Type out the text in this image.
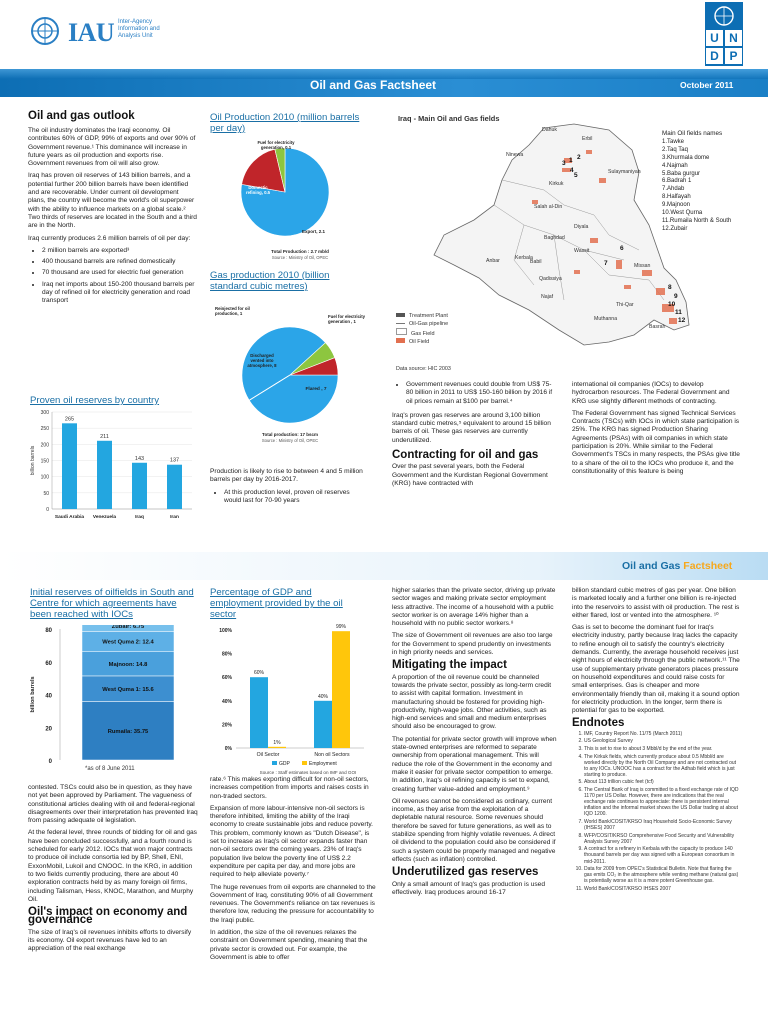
IAU Inter-Agency
Information and
Analysis Unit	U N
D P
Oil and Gas Factsheet	October 2011
Oil and gas outlook

The oil industry dominates the Iraqi economy. Oil contributes 60% of GDP, 99% of exports and over 90% of Government revenue.¹ This dominance will increase in future years as oil production and exports rise. Government revenues from oil will also grow.

Iraq has proven oil reserves of 143 billion barrels, and a potential further 200 billion barrels have been identified and are recoverable. Under current oil development plans, the country will become the world's oil superpower with the ability to influence markets on a global scale.² Two thirds of reserves are located in the South and a third are in the North.

Iraq currently produces 2.6 million barrels of oil per day:

• 2 million barrels are exported³
• 400 thousand barrels are refined domestically
• 70 thousand are used for electric fuel generation
• Iraq net imports about 150-200 thousand barrels per day of refined oil for electricity generation and road transport
Proven oil reserves by country
300
250
200
150
100
50
0
billion barrels
265
Saudi Arabia
211
Venezuela
143
Iraq
137
Iran
Oil Production 2010 (million barrels per day)
Export, 2.1
Domestic refining, 0.5
Fuel for electricity generation, 0.1
Total Production : 2.7 mb/d
Source : Ministry of Oil, OPEC
Gas production 2010 (billion standard cubic metres)
Reinjected for oil production, 1
Fuel for electricity generation , 1
Discharged vented into atmosphere, 8
Flared , 7
Total production: 17 bscm
Source : Ministry of Oil, OPEC

Production is likely to rise to between 4 and 5 million barrels per day by 2016-2017.

• At this production level, proven oil reserves would last for 70-90 years
Iraq - Main Oil and Gas fields
Dahuk
Erbil
Ninewa
Sulaymaniyah
Kirkuk
Salah al-Din
Diyala
Baghdad
Anbar	Kerbala
Babil
Wassit
Missan
Qadissiya
Najaf
Thi-Qar
Basrah
Muthanna
1 2
3
4
5
6
7
8
9
10
11
12
Main Oil fields names
1.Tawke
2.Taq Taq
3.Khurmala dome
4.Najmah
5.Baba gurgur
6.Badrah 1
7.Ahdab
8.Halfayah
9.Majnoon
10.West Qurna
11.Rumaila North & South
12.Zubair
Treatment Plant
Oil-Gas pipeline
Gas Field
Oil Field
Data source: HIC 2003
• Government revenues could double from US$ 75-80 billion in 2011 to US$ 150-160 billion by 2016 if oil prices remain at $100 per barrel.⁴

Iraq's proven gas reserves are around 3,100 billion standard cubic metres,⁵ equivalent to around 15 billion barrels of oil. These gas reserves are currently underutilized.

Contracting for oil and gas

Over the past several years, both the Federal Government and the Kurdistan Regional Government (KRG) have contracted with

international oil companies (IOCs) to develop hydrocarbon resources. The Federal Government and KRG use slightly different methods of contracting.

The Federal Government has signed Technical Services Contracts (TSCs) with IOCs in which state participation is 25%. The KRG has signed Production Sharing Agreements (PSAs) with oil companies in which state participation is 20%. While similar to the Federal Government's TSCs in many respects, the PSAs give title to a share of the oil to the IOCs who produce it, and the constitutionality of this feature is being

Oil and Gas Factsheet
Initial reserves of oilfields in South and Centre for which agreements have been reached with IOCs
80
60
40
20
0
billion barrels
Rumaila: 35.75
West Quma 1: 15.6
Majnoon: 14.8
West Quma 2: 12.4
Zubair: 6.75
*as of 8 June 2011
Percentage of GDP and employment provided by the oil sector
100%
80%
60%
40%
20%
0%
60%
1%
Oil Sector
40%
99%
Non oil Sectors
GDP	Employment
Source : Staff estimates based on IMF and GOI

contested. TSCs could also be in question, as they have not yet been approved by Parliament. The vagueness of constitutional articles dealing with oil and federal-regional disagreements over their interpretation has prevented Iraq from passing adequate oil legislation.

At the federal level, three rounds of bidding for oil and gas have been concluded successfully, and a fourth round is scheduled for early 2012. IOCs that won major contracts to produce oil include consortia led by BP, Shell, ENI, ExxonMobil, Lukoil and CNOOC. In the KRG, in addition to two fields currently producing, there are about 40 exploration contracts held by as many foreign oil firms, including Talisman, Hess, KNOC, Marathon, and Murphy Oil.

Oil's impact on economy and governance

The size of Iraq's oil revenues inhibits efforts to diversify its economy. Oil export revenues have led to an appreciation of the real exchange

rate.⁶ This makes exporting difficult for non-oil sectors, increases competition from imports and raises costs in non-traded sectors.

Expansion of more labour-intensive non-oil sectors is therefore inhibited, limiting the ability of the Iraqi economy to create sustainable jobs and reduce poverty. This problem, commonly known as "Dutch Disease", is set to increase as Iraq's oil sector expands faster than non-oil sectors over the coming years. 23% of Iraq's population live below the poverty line of US$ 2.2 expenditure per capita per day, and more jobs are required to help alleviate poverty.⁷

The huge revenues from oil exports are channeled to the Government of Iraq, constituting 90% of all Government revenues. The Government's reliance on tax revenues is therefore low, reducing the pressure for accountability to the Iraqi public.

In addition, the size of the oil revenues relaxes the constraint on Government spending, meaning that the private sector is crowded out. For example, the Government is able to offer

higher salaries than the private sector, driving up private sector wages and making private sector employment less attractive. The income of a household with a public sector worker is on average 14% higher than a household with no public sector workers.⁸

The size of Government oil revenues are also too large for the Government to spend prudently on investments in high priority needs and services.

Mitigating the impact

A proportion of the oil revenue could be channeled towards the private sector, possibly as long-term credit to assist with capital formation. Investment in manufacturing should be fostered for providing high-productivity, high-wage jobs. Other activities, such as high-end services and small and medium enterprises should also be encouraged to grow.

The potential for private sector growth will improve when state-owned enterprises are reformed to separate ownership from operational management. This will reduce the role of the Government in the economy and make it easier for private sector competition to emerge. In addition, Iraq's oil refining capacity is set to expand, creating further value-added and employment.⁹

Oil revenues cannot be considered as ordinary, current income, as they arise from the exploitation of a depletable natural resource. Some revenues should therefore be saved for future generations, as well as to stabilize spending from highly volatile revenues. A direct oil dividend to the population could also be considered if such a system could be properly managed and negative effects (such as inflation) controlled.

Underutilized gas reserves

Only a small amount of Iraq's gas production is used effectively. Iraq produces around 16-17

billion standard cubic metres of gas per year. One billion is marketed locally and a further one billion is re-injected into the reservoirs to assist with oil production. The rest is either flared, lost or vented into the atmosphere. ¹⁰

Gas is set to become the dominant fuel for Iraq's electricity industry, partly because Iraq lacks the capacity to refine enough oil to satisfy the country's electricity demands. Currently, the average household receives just eight hours of electricity through the public network.¹¹ The use of supplementary private generators places pressure on household expenditures and could raise costs for small enterprises. Gas is cheaper and more environmentally friendly than oil, making it a sound option for electricity production. In the longer, term there is potential for gas to be exported.

Endnotes
1. IMF, Country Report No. 11/75 (March 2011)
2. US Geological Survey
3. This is set to rise to about 3 Mbbl/d by the end of the year.
4. The Kirkuk fields, which currently produce about 0.5 Mbbl/d are worked directly by the North Oil Company and are not contracted out to any IOCs. UNOOC has a contract for the Adhab field which is just starting to produce.
5. About 113 trillion cubic feet (tcf)
6. The Central Bank of Iraq is committed to a fixed exchange rate of IQD 1170 per US Dollar. However, there are indications that the real exchange rate continues to appreciate: there is persistent internal inflation and the informal market shows the US Dollar trading at about IQD 1200.
7. World Bank/COSIT/KRSO Iraq Household Socio-Economic Survey (IHSES) 2007
8. WFP/COSIT/KRSO Comprehensive Food Security and Vulnerability Analysis Survey 2007
9. A contract for a refinery in Kerbala with the capacity to produce 140 thousand barrels per day was signed with a European consortium in mid-2011.
10. Data for 2009 from OPEC's Statistical Bulletin. Note that flaring the gas emits CO₂ in the atmosphere while venting methane (natural gas) is potentially worse as it is a more potent Greenhouse gas.
11. World Bank/COSIT/KRSO IHSES 2007
